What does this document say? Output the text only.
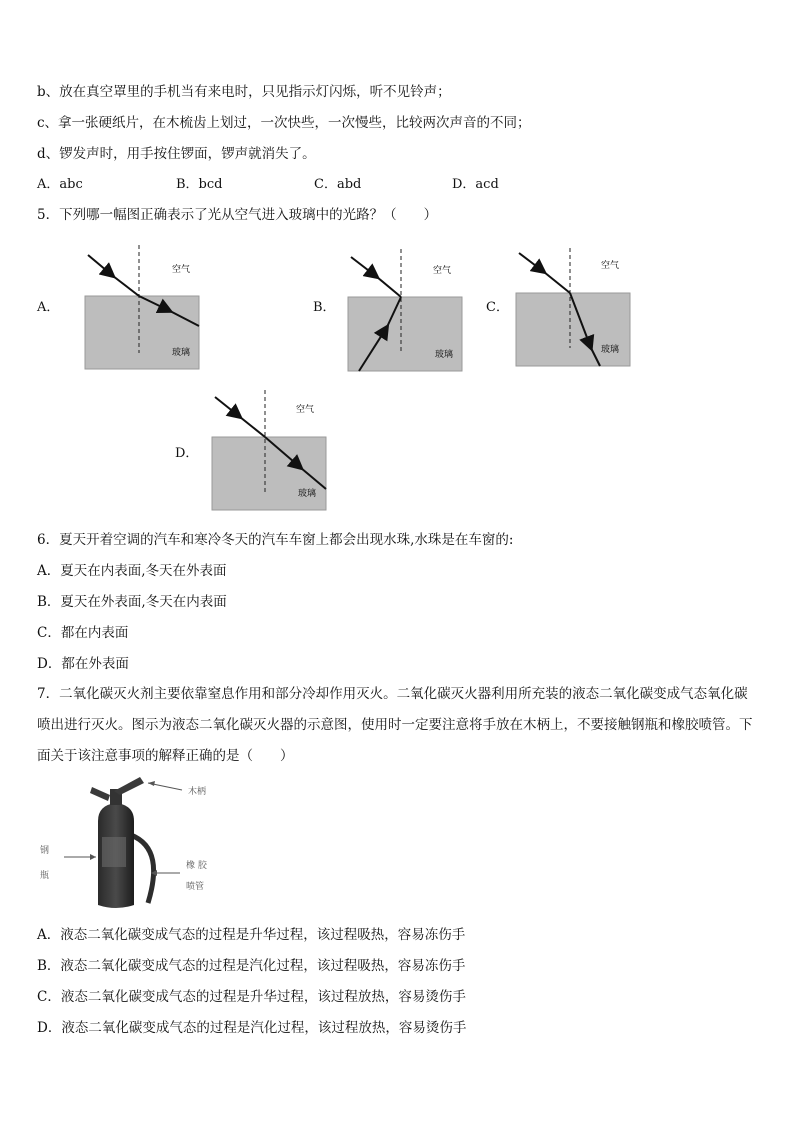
b、放在真空罩里的手机当有来电时，只见指示灯闪烁，听不见铃声；
c、拿一张硬纸片，在木梳齿上划过，一次快些，一次慢些，比较两次声音的不同；
d、锣发声时，用手按住锣面，锣声就消失了。
A．abc	B．bcd	C．abd	D．acd
5．下列哪一幅图正确表示了光从空气进入玻璃中的光路？（　　）
A．
空气
玻璃
B．
空气
玻璃
C．
空气
玻璃
D．
空气
玻璃
6．夏天开着空调的汽车和寒冷冬天的汽车车窗上都会出现水珠,水珠是在车窗的:
A．夏天在内表面,冬天在外表面
B．夏天在外表面,冬天在内表面
C．都在内表面
D．都在外表面
7．二氧化碳灭火剂主要依靠窒息作用和部分冷却作用灭火。二氧化碳灭火器利用所充装的液态二氧化碳变成气态氧化碳喷出进行灭火。图示为液态二氧化碳灭火器的示意图，使用时一定要注意将手放在木柄上，不要接触钢瓶和橡胶喷管。下面关于该注意事项的解释正确的是（　　）
木柄
钢
瓶
橡 胶
喷管
A．液态二氧化碳变成气态的过程是升华过程，该过程吸热，容易冻伤手
B．液态二氧化碳变成气态的过程是汽化过程，该过程吸热，容易冻伤手
C．液态二氧化碳变成气态的过程是升华过程，该过程放热，容易烫伤手
D．液态二氧化碳变成气态的过程是汽化过程，该过程放热，容易烫伤手
